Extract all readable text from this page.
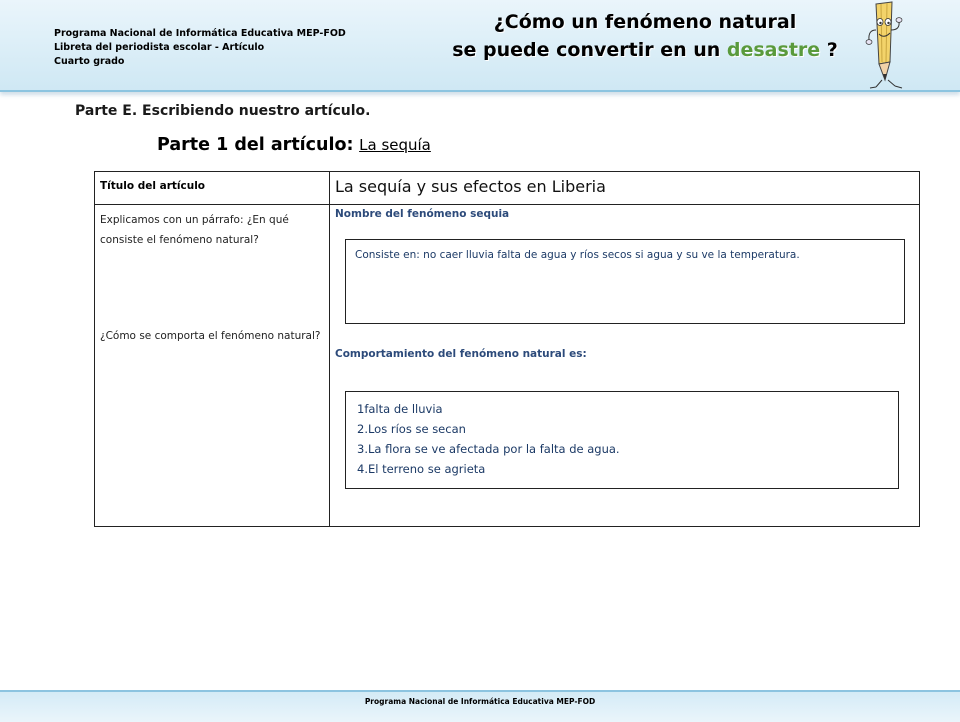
Programa Nacional de Informática Educativa MEP-FOD
Libreta del periodista escolar - Artículo
Cuarto grado
¿Cómo un fenómeno natural
se puede convertir en un desastre ?
Parte E. Escribiendo nuestro artículo.
Parte 1 del artículo: La sequía
Título del artículo	La sequía y sus efectos en Liberia
Explicamos con un párrafo: ¿En qué consiste el fenómeno natural?
¿Cómo se comporta el fenómeno natural?
Nombre del fenómeno sequia

Consiste en: no caer lluvia falta de agua y ríos secos si agua y su ve la temperatura.

Comportamiento del fenómeno natural es:
1falta de lluvia
2.Los ríos se secan
3.La flora se ve afectada por la falta de agua.
4.El terreno se agrieta
Programa Nacional de Informática Educativa MEP-FOD
